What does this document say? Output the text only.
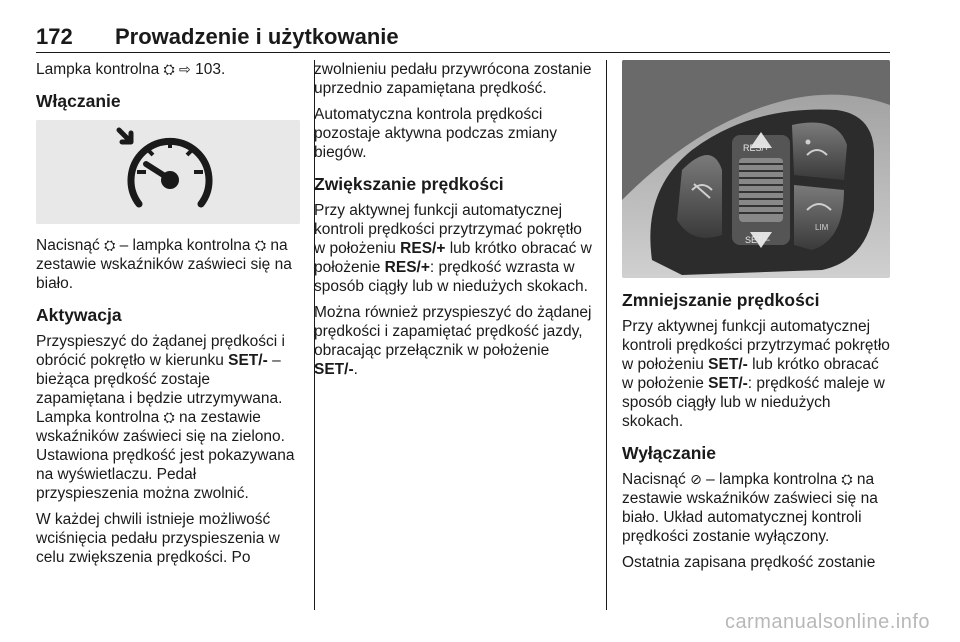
172 Prowadzenie i użytkowanie

Lampka kontrolna ⛭ ⇨ 103.

Włączanie

Nacisnąć ⛭ – lampka kontrolna ⛭ na zestawie wskaźników zaświeci się na biało.

Aktywacja

Przyspieszyć do żądanej prędkości i obrócić pokrętło w kierunku SET/- – bieżąca prędkość zostaje zapamiętana i będzie utrzymywana. Lampka kontrolna ⛭ na zestawie wskaźników zaświeci się na zielono. Ustawiona prędkość jest pokazywana na wyświetlaczu. Pedał przyspieszenia można zwolnić.

W każdej chwili istnieje możliwość wciśnięcia pedału przyspieszenia w celu zwiększenia prędkości. Po

zwolnieniu pedału przywrócona zostanie uprzednio zapamiętana prędkość.

Automatyczna kontrola prędkości pozostaje aktywna podczas zmiany biegów.

Zwiększanie prędkości

Przy aktywnej funkcji automatycznej kontroli prędkości przytrzymać pokrętło w położeniu RES/+ lub krótko obracać w położenie RES/+: prędkość wzrasta w sposób ciągły lub w niedużych skokach.

Można również przyspieszyć do żądanej prędkości i zapamiętać prędkość jazdy, obracając przełącznik w położenie SET/-.

RES/+
SET/−
LIM
Zmniejszanie prędkości

Przy aktywnej funkcji automatycznej kontroli prędkości przytrzymać pokrętło w położeniu SET/- lub krótko obracać w położenie SET/-: prędkość maleje w sposób ciągły lub w niedużych skokach.

Wyłączanie

Nacisnąć ⊘ – lampka kontrolna ⛭ na zestawie wskaźników zaświeci się na biało. Układ automatycznej kontroli prędkości zostanie wyłączony.

Ostatnia zapisana prędkość zostanie

carmanualsonline.info
